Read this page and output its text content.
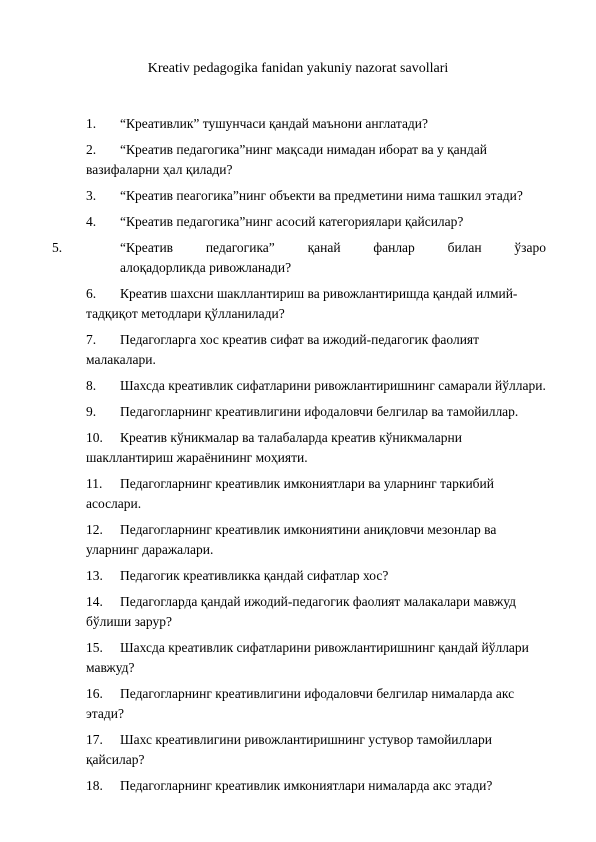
Kreativ pedagogika fanidan yakuniy nazorat savollari

1. “Креативлик” тушунчаси қандай маънони англатади?

2. “Креатив педагогика”нинг мақсади нимадан иборат ва у қандай вазифаларни ҳал қилади?

3. “Креатив пеагогика”нинг объекти ва предметини нима ташкил этади?

4. “Креатив педагогика”нинг асосий категориялари қайсилар?

5.	“Креатив педагогика” қанай фанлар билан ўзаро
алоқадорликда ривожланади?

6. Креатив шахсни шакллантириш ва ривожлантиришда қандай илмий-тадқиқот методлари қўлланилади?

7. Педагогларга хос креатив сифат ва ижодий-педагогик фаолият малакалари.

8. Шахсда креативлик сифатларини ривожлантиришнинг самарали йўллари.

9. Педагогларнинг креативлигини ифодаловчи белгилар ва тамойиллар.

10. Креатив кўникмалар ва талабаларда креатив кўникмаларни шакллантириш жараёнининг моҳияти.

11. Педагогларнинг креативлик имкониятлари ва уларнинг таркибий асослари.

12. Педагогларнинг креативлик имкониятини аниқловчи мезонлар ва уларнинг даражалари.

13. Педагогик креативликка қандай сифатлар хос?

14. Педагогларда қандай ижодий-педагогик фаолият малакалари мавжуд бўлиши зарур?

15. Шахсда креативлик сифатларини ривожлантиришнинг қандай йўллари мавжуд?

16. Педагогларнинг креативлигини ифодаловчи белгилар нималарда акс этади?

17. Шахс креативлигини ривожлантиришнинг устувор тамойиллари қайсилар?

18. Педагогларнинг креативлик имкониятлари нималарда акс этади?
